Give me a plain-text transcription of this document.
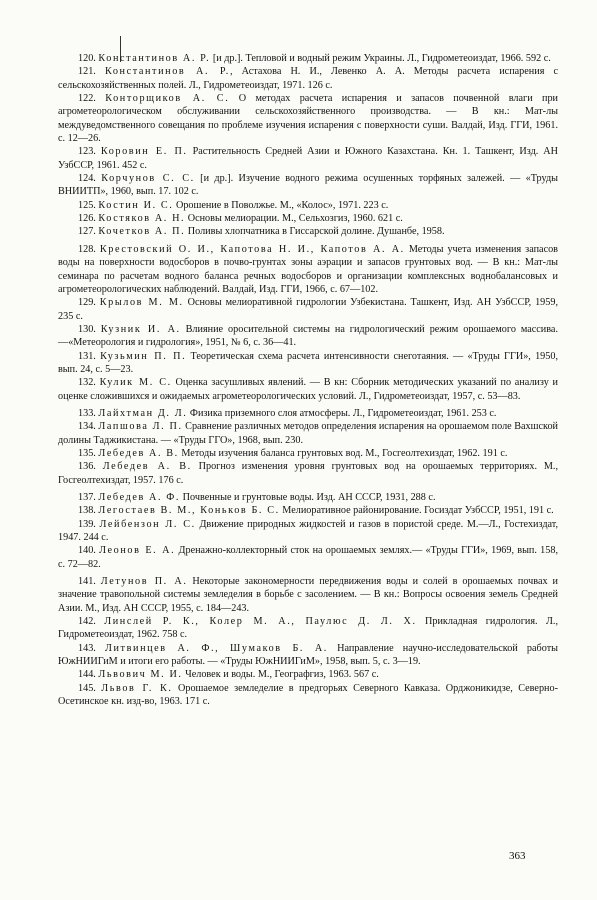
120. Константинов А. Р. [и др.]. Тепловой и водный режим Украины. Л., Гидрометеоиздат, 1966. 592 с.

121. Константинов А. Р., Астахова Н. И., Левенко А. А. Методы расчета испарения с сельскохозяйственных полей. Л., Гидрометеоиздат, 1971. 126 с.

122. Конторщиков А. С. О методах расчета испарения и запасов почвенной влаги при агрометеорологическом обслуживании сельскохозяйственного производства. — В кн.: Мат-лы междуведомственного совещания по проблеме изучения испарения с поверхности суши. Валдай, Изд. ГГИ, 1961. с. 12—26.

123. Коровин Е. П. Растительность Средней Азии и Южного Казахстана. Кн. 1. Ташкент, Изд. АН УзбССР, 1961. 452 с.

124. Корчунов С. С. [и др.]. Изучение водного режима осушенных торфяных залежей. — «Труды ВНИИТП», 1960, вып. 17. 102 с.

125. Костин И. С. Орошение в Поволжье. М., «Колос», 1971. 223 с.

126. Костяков А. Н. Основы мелиорации. М., Сельхозгиз, 1960. 621 с.

127. Кочетков А. П. Поливы хлопчатника в Гиссарской долине. Душанбе, 1958.

128. Крестовский О. И., Капотова Н. И., Капотов А. А. Методы учета изменения запасов воды на поверхности водосборов в почво-грунтах зоны аэрации и запасов грунтовых вод. — В кн.: Мат-лы семинара по расчетам водного баланса речных водосборов и организации комплексных воднобалансовых и агрометеорологических наблюдений. Валдай, Изд. ГГИ, 1966, с. 67—102.

129. Крылов М. М. Основы мелиоративной гидрологии Узбекистана. Ташкент, Изд. АН УзбССР, 1959, 235 с.

130. Кузник И. А. Влияние оросительной системы на гидрологический режим орошаемого массива. —«Метеорология и гидрология», 1951, № 6, с. 36—41.

131. Кузьмин П. П. Теоретическая схема расчета интенсивности снеготаяния. — «Труды ГГИ», 1950, вып. 24, с. 5—23.

132. Кулик М. С. Оценка засушливых явлений. — В кн: Сборник методических указаний по анализу и оценке сложившихся и ожидаемых агрометеорологических условий. Л., Гидрометеоиздат, 1957, с. 53—83.

133. Лайхтман Д. Л. Физика приземного слоя атмосферы. Л., Гидрометеоиздат, 1961. 253 с.

134. Лапшова Л. П. Сравнение различных методов определения испарения на орошаемом поле Вахшской долины Таджикистана. — «Труды ГГО», 1968, вып. 230.

135. Лебедев А. В. Методы изучения баланса грунтовых вод. М., Госгеолтехиздат, 1962. 191 с.

136. Лебедев А. В. Прогноз изменения уровня грунтовых вод на орошаемых территориях. М., Госгеолтехиздат, 1957. 176 с.

137. Лебедев А. Ф. Почвенные и грунтовые воды. Изд. АН СССР, 1931, 288 с.

138. Легостаев В. М., Коньков Б. С. Мелиоративное районирование. Госиздат УзбССР, 1951, 191 с.

139. Лейбензон Л. С. Движение природных жидкостей и газов в пористой среде. М.—Л., Гостехиздат, 1947. 244 с.

140. Леонов Е. А. Дренажно-коллекторный сток на орошаемых землях.— «Труды ГГИ», 1969, вып. 158, с. 72—82.

141. Летунов П. А. Некоторые закономерности передвижения воды и солей в орошаемых почвах и значение травопольной системы земледелия в борьбе с засолением. — В кн.: Вопросы освоения земель Средней Азии. М., Изд. АН СССР, 1955, с. 184—243.

142. Линслей Р. К., Колер М. А., Паулюс Д. Л. Х. Прикладная гидрология. Л., Гидрометеоиздат, 1962. 758 с.

143. Литвинцев А. Ф., Шумаков Б. А. Направление научно-исследовательской работы ЮжНИИГиМ и итоги его работы. — «Труды ЮжНИИГиМ», 1958, вып. 5, с. 3—19.

144. Львович М. И. Человек и воды. М., Географгиз, 1963. 567 с.

145. Львов Г. К. Орошаемое земледелие в предгорьях Северного Кавказа. Орджоникидзе, Северно-Осетинское кн. изд-во, 1963. 171 с.

363
